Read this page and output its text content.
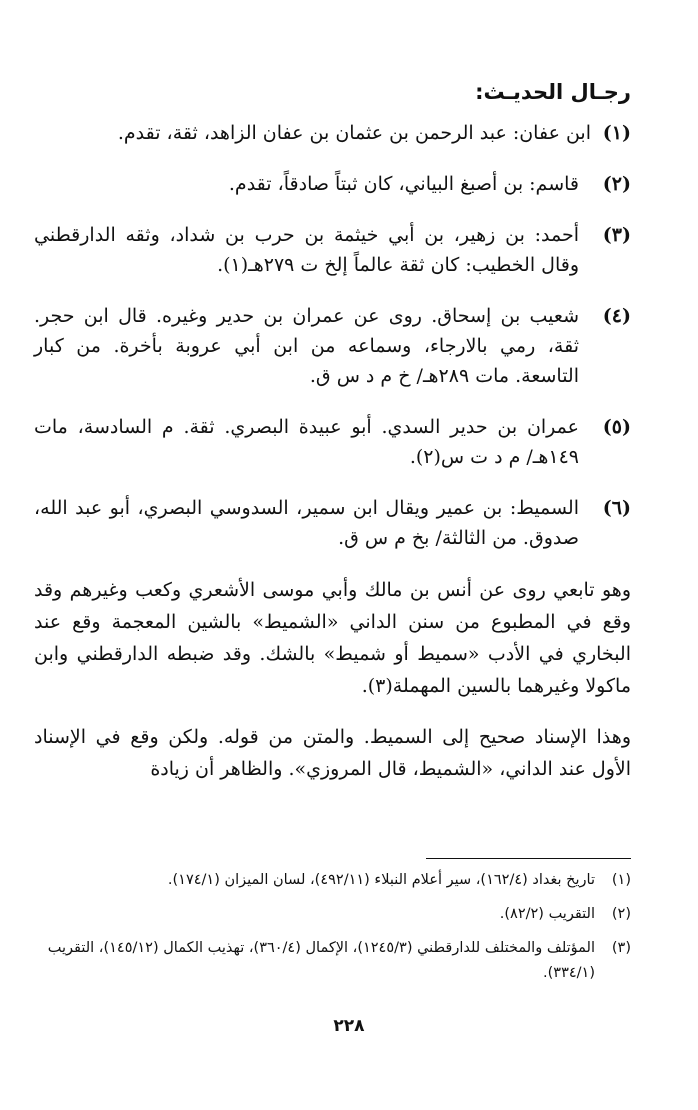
رجـال الحديـث:
(١)
ابن عفان: عبد الرحمن بن عثمان بن عفان الزاهد، ثقة، تقدم.
(٢)
قاسم: بن أصبغ البياني، كان ثبتاً صادقاً، تقدم.
(٣)
أحمد: بن زهير، بن أبي خيثمة بن حرب بن شداد، وثقه الدارقطني وقال الخطيب: كان ثقة عالماً إلخ ت ٢٧٩هـ(١).
(٤)
شعيب بن إسحاق. روى عن عمران بن حدير وغيره. قال ابن حجر. ثقة، رمي بالارجاء، وسماعه من ابن أبي عروبة بأخرة. من كبار التاسعة. مات ٢٨٩هـ/ خ م د س ق.
(٥)
عمران بن حدير السدي. أبو عبيدة البصري. ثقة. م السادسة، مات ١٤٩هـ/ م د ت س(٢).
(٦)
السميط: بن عمير ويقال ابن سمير، السدوسي البصري، أبو عبد الله، صدوق. من الثالثة/ بخ م س ق.

وهو تابعي روى عن أنس بن مالك وأبي موسى الأشعري وكعب وغيرهم وقد وقع في المطبوع من سنن الداني «الشميط» بالشين المعجمة وقع عند البخاري في الأدب «سميط أو شميط» بالشك. وقد ضبطه الدارقطني وابن ماكولا وغيرهما بالسين المهملة(٣).

وهذا الإسناد صحيح إلى السميط. والمتن من قوله. ولكن وقع في الإسناد الأول عند الداني، «الشميط، قال المروزي». والظاهر أن زيادة

(١)
تاريخ بغداد (١٦٢/٤)، سير أعلام النبلاء (٤٩٢/١١)، لسان الميزان (١٧٤/١).
(٢)
التقريب (٨٢/٢).
(٣)
المؤتلف والمختلف للدارقطني (١٢٤٥/٣)، الإكمال (٣٦٠/٤)، تهذيب الكمال (١٤٥/١٢)، التقريب (٣٣٤/١).
٢٢٨
